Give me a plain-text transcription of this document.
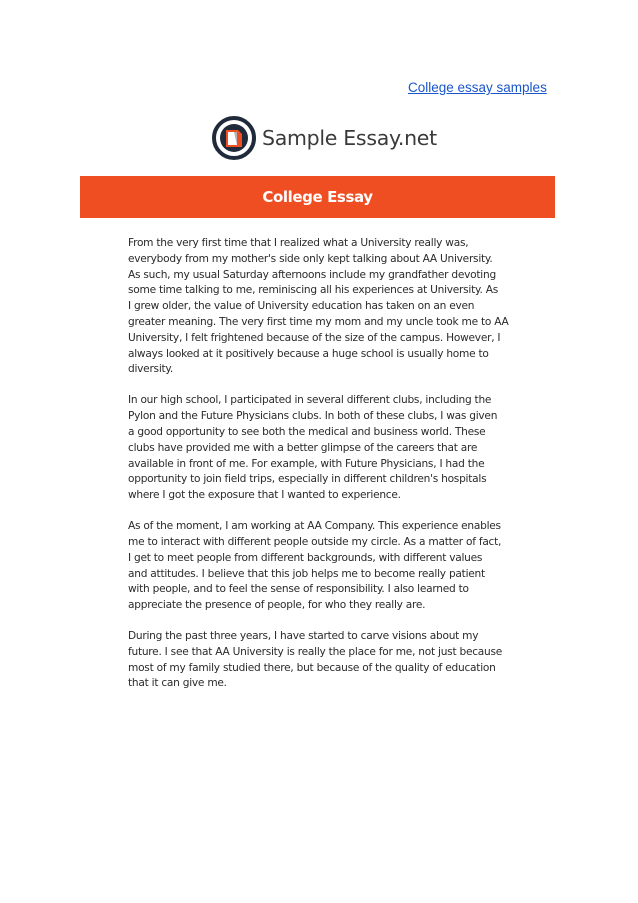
College essay samples
Sample Essay.net
College Essay
From the very first time that I realized what a University really was,
everybody from my mother's side only kept talking about AA University.
As such, my usual Saturday afternoons include my grandfather devoting
some time talking to me, reminiscing all his experiences at University. As
I grew older, the value of University education has taken on an even
greater meaning. The very first time my mom and my uncle took me to AA
University, I felt frightened because of the size of the campus. However, I
always looked at it positively because a huge school is usually home to
diversity.
In our high school, I participated in several different clubs, including the
Pylon and the Future Physicians clubs. In both of these clubs, I was given
a good opportunity to see both the medical and business world. These
clubs have provided me with a better glimpse of the careers that are
available in front of me. For example, with Future Physicians, I had the
opportunity to join field trips, especially in different children's hospitals
where I got the exposure that I wanted to experience.
As of the moment, I am working at AA Company. This experience enables
me to interact with different people outside my circle. As a matter of fact,
I get to meet people from different backgrounds, with different values
and attitudes. I believe that this job helps me to become really patient
with people, and to feel the sense of responsibility. I also learned to
appreciate the presence of people, for who they really are.
During the past three years, I have started to carve visions about my
future. I see that AA University is really the place for me, not just because
most of my family studied there, but because of the quality of education
that it can give me.
